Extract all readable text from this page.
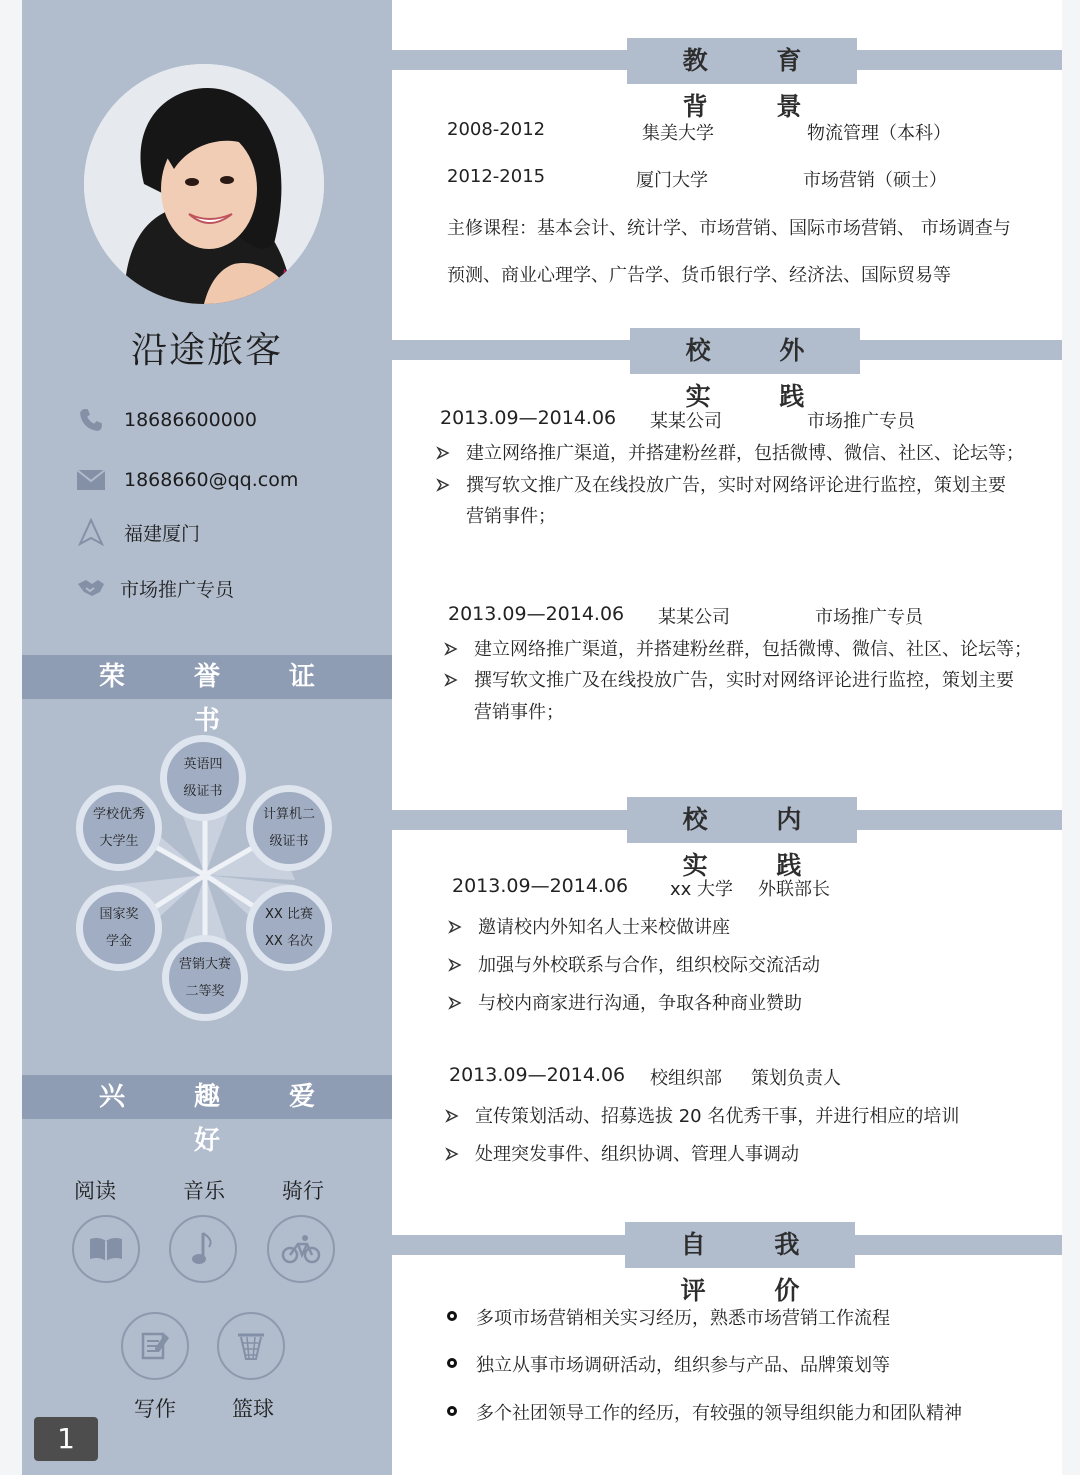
沿途旅客
18686600000
1868660@qq.com
福建厦门
市场推广专员
荣 誉 证 书
英语四
级证书
计算机二
级证书
XX 比赛
XX 名次
营销大赛
二等奖
国家奖
学金
学校优秀
大学生
兴 趣 爱 好
阅读	音乐	骑行
写作	篮球
1
教 育 背 景
2008-2012	集美大学	物流管理（本科）
2012-2015	厦门大学	市场营销（硕士）
主修课程：基本会计、统计学、市场营销、国际市场营销、 市场调查与
预测、商业心理学、广告学、货币银行学、经济法、国际贸易等
校 外 实 践
2013.09—2014.06 某某公司	市场推广专员
建立网络推广渠道，并搭建粉丝群，包括微博、微信、社区、论坛等；
撰写软文推广及在线投放广告，实时对网络评论进行监控，策划主要
营销事件；
2013.09—2014.06 某某公司	市场推广专员
建立网络推广渠道，并搭建粉丝群，包括微博、微信、社区、论坛等；
撰写软文推广及在线投放广告，实时对网络评论进行监控，策划主要
营销事件；
校 内 实 践
2013.09—2014.06 xx 大学 外联部长
邀请校内外知名人士来校做讲座
加强与外校联系与合作，组织校际交流活动
与校内商家进行沟通，争取各种商业赞助
2013.09—2014.06 校组织部 策划负责人
宣传策划活动、招募选拔 20 名优秀干事，并进行相应的培训
处理突发事件、组织协调、管理人事调动
自 我 评 价
多项市场营销相关实习经历，熟悉市场营销工作流程
独立从事市场调研活动，组织参与产品、品牌策划等
多个社团领导工作的经历，有较强的领导组织能力和团队精神
